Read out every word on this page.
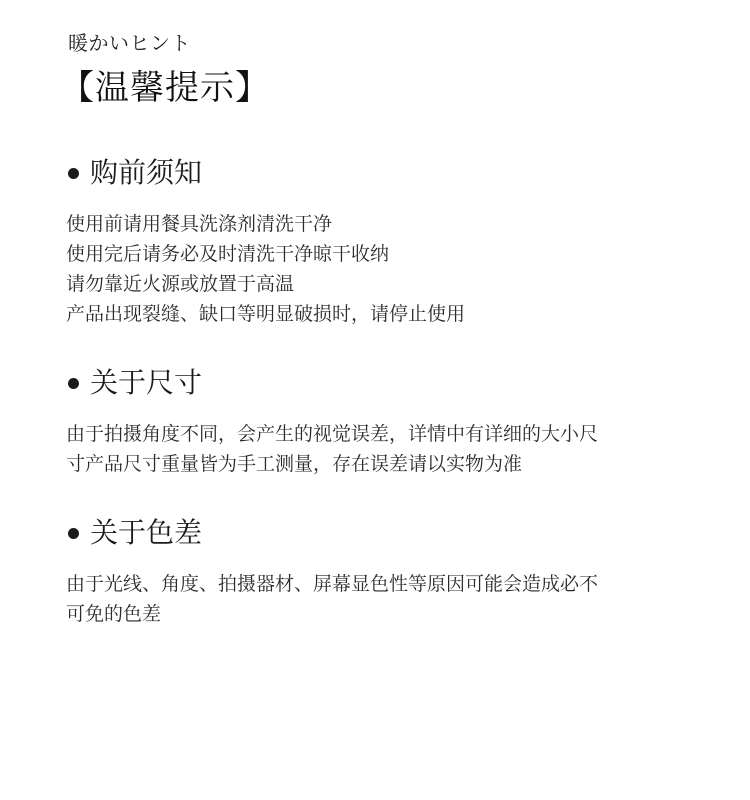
暖かいヒント
【温馨提示】
购前须知

使用前请用餐具洗涤剂清洗干净

使用完后请务必及时清洗干净晾干收纳

请勿靠近火源或放置于高温

产品出现裂缝、缺口等明显破损时，请停止使用

关于尺寸

由于拍摄角度不同，会产生的视觉误差，详情中有详细的大小尺

寸产品尺寸重量皆为手工测量，存在误差请以实物为准

关于色差

由于光线、角度、拍摄器材、屏幕显色性等原因可能会造成必不

可免的色差
